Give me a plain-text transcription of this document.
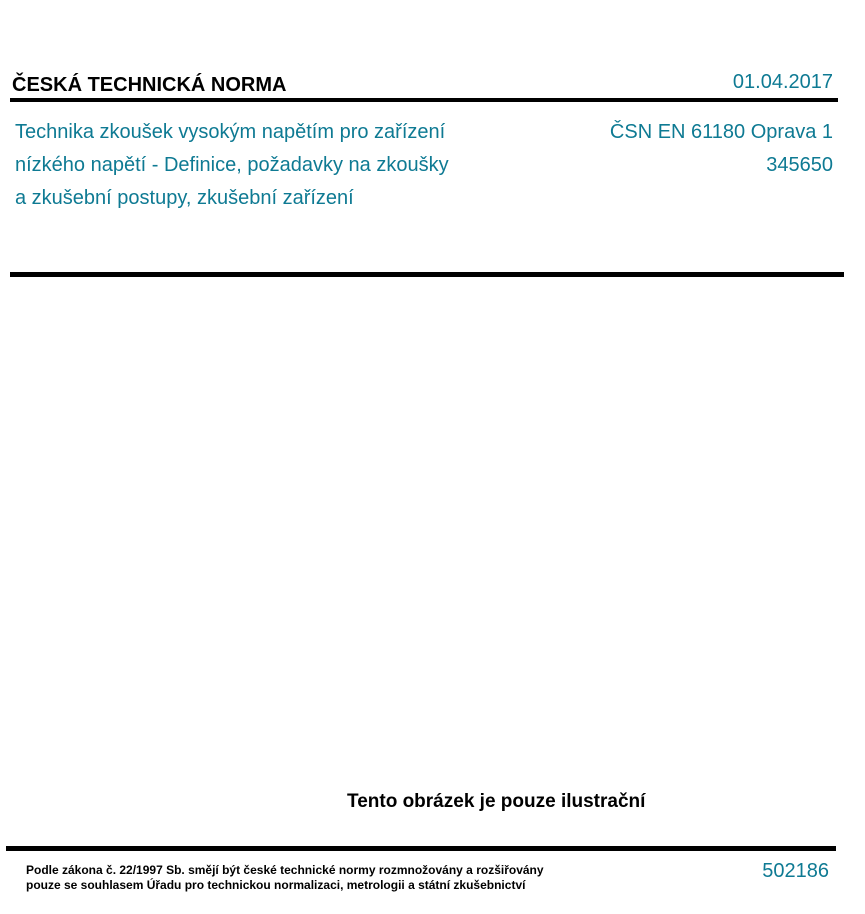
ČESKÁ TECHNICKÁ NORMA	01.04.2017
Technika zkoušek vysokým napětím pro zařízení
nízkého napětí - Definice, požadavky na zkoušky
a zkušební postupy, zkušební zařízení
ČSN EN 61180 Oprava 1
345650
Tento obrázek je pouze ilustrační
Podle zákona č. 22/1997 Sb. smějí být české technické normy rozmnožovány a rozšiřovány
pouze se souhlasem Úřadu pro technickou normalizaci, metrologii a státní zkušebnictví
502186
